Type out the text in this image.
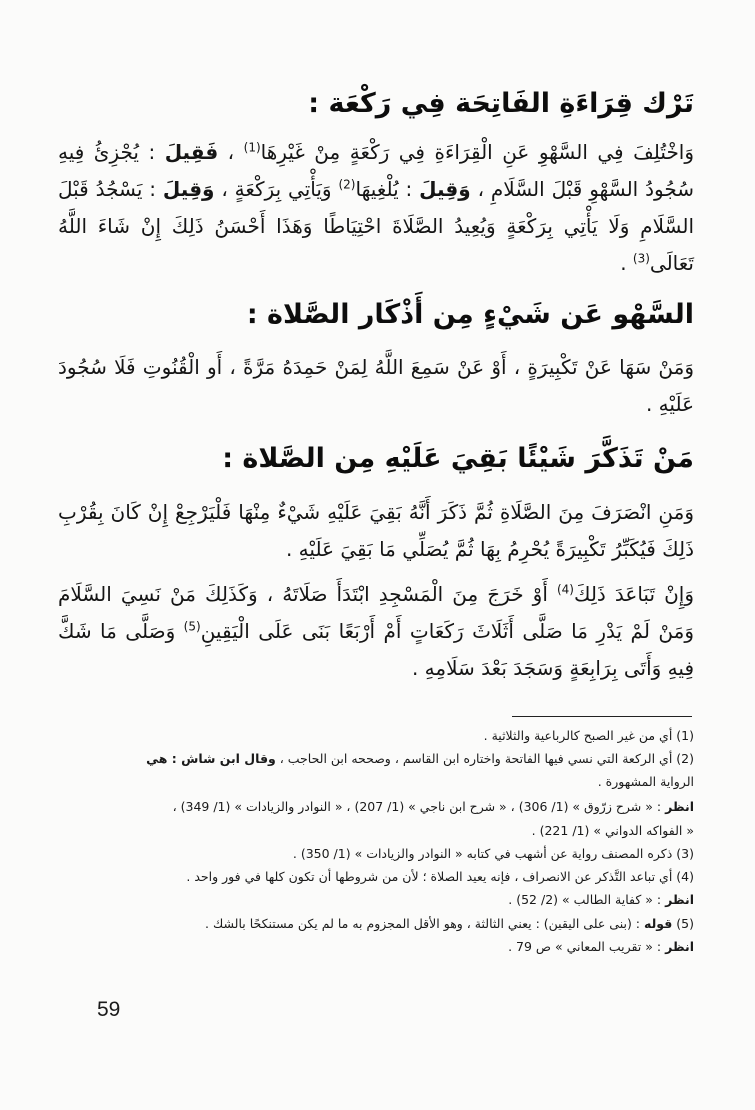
تَرْك قِرَاءَةِ الفَاتِحَة فِي رَكْعَة :
وَاخْتُلِفَ فِي السَّهْوِ عَنِ الْقِرَاءَةِ فِي رَكْعَةٍ مِنْ غَيْرِهَا$^{(1)}$ ، فَقِيلَ : يُجْزِئُ فِيهِ سُجُودُ السَّهْوِ قَبْلَ السَّلَامِ ، وَقِيلَ : يُلْغِيهَا$^{(2)}$ وَيَأْتِي بِرَكْعَةٍ ، وَقِيلَ : يَسْجُدُ قَبْلَ السَّلَامِ وَلَا يَأْتِي بِرَكْعَةٍ وَيُعِيدُ الصَّلَاةَ احْتِيَاطًا وَهَذَا أَحْسَنُ ذَلِكَ إِنْ شَاءَ اللَّهُ تَعَالَى$^{(3)}$ .
السَّهْو عَن شَيْءٍ مِن أَذْكَار الصَّلاة :
وَمَنْ سَهَا عَنْ تَكْبِيرَةٍ ، أَوْ عَنْ سَمِعَ اللَّهُ لِمَنْ حَمِدَهُ مَرَّةً ، أَو الْقُنُوتِ فَلَا سُجُودَ عَلَيْهِ .
مَنْ تَذَكَّرَ شَيْئًا بَقِيَ عَلَيْهِ مِن الصَّلاة :
وَمَنِ انْصَرَفَ مِنَ الصَّلَاةِ ثُمَّ ذَكَرَ أَنَّهُ بَقِيَ عَلَيْهِ شَيْءٌ مِنْهَا فَلْيَرْجِعْ إِنْ كَانَ بِقُرْبِ ذَلِكَ فَيُكَبِّرُ تَكْبِيرَةً يُحْرِمُ بِهَا ثُمَّ يُصَلِّي مَا بَقِيَ عَلَيْهِ .
وَإِنْ تَبَاعَدَ ذَلِكَ$^{(4)}$ أَوْ خَرَجَ مِنَ الْمَسْجِدِ ابْتَدَأَ صَلَاتَهُ ، وَكَذَلِكَ مَنْ نَسِيَ السَّلَامَ وَمَنْ لَمْ يَدْرِ مَا صَلَّى أَثَلَاثَ رَكَعَاتٍ أَمْ أَرْبَعًا بَنَى عَلَى الْيَقِينِ$^{(5)}$ وَصَلَّى مَا شَكَّ فِيهِ وَأَتَى بِرَابِعَةٍ وَسَجَدَ بَعْدَ سَلَامِهِ .
(1) أي من غير الصبح كالرباعية والثلاثية .
(2) أي الركعة التي نسي فيها الفاتحة واختاره ابن القاسم ، وصححه ابن الحاجب ، وقال ابن شاش : هي
الرواية المشهورة .
انظر : « شرح زرّوق » (1/ 306) ، « شرح ابن ناجي » (1/ 207) ، « النوادر والزيادات » (1/ 349) ،
« الفواكه الدواني » (1/ 221) .
(3) ذكره المصنف رواية عن أشهب في كتابه « النوادر والزيادات » (1/ 350) .
(4) أي تباعد التَّذكر عن الانصراف ، فإنه يعيد الصلاة ؛ لأن من شروطها أن تكون كلها في فور واحد .
انظر : « كفاية الطالب » (2/ 52) .
(5) قوله : (بنى على اليقين) : يعني الثالثة ، وهو الأقل المجزوم به ما لم يكن مستنكحًا بالشك .
انظر : « تقريب المعاني » ص 79 .
59
